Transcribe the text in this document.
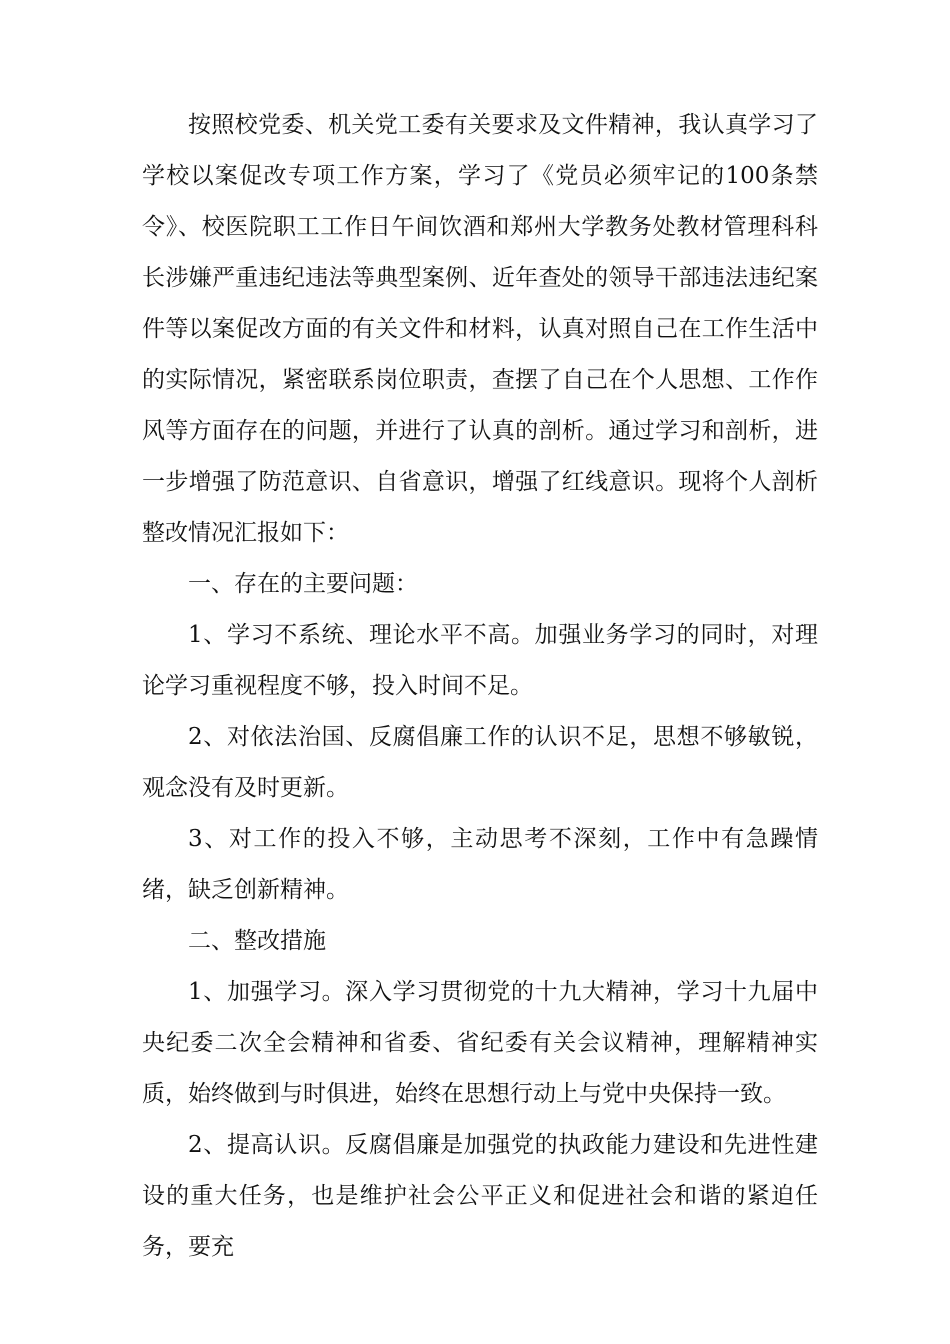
按照校党委、机关党工委有关要求及文件精神，我认真学习了学校以案促改专项工作方案，学习了《党员必须牢记的100条禁令》、校医院职工工作日午间饮酒和郑州大学教务处教材管理科科长涉嫌严重违纪违法等典型案例、近年查处的领导干部违法违纪案件等以案促改方面的有关文件和材料，认真对照自己在工作生活中的实际情况，紧密联系岗位职责，查摆了自己在个人思想、工作作风等方面存在的问题，并进行了认真的剖析。通过学习和剖析，进一步增强了防范意识、自省意识，增强了红线意识。现将个人剖析整改情况汇报如下：

一、存在的主要问题：

1、学习不系统、理论水平不高。加强业务学习的同时，对理论学习重视程度不够，投入时间不足。

2、对依法治国、反腐倡廉工作的认识不足，思想不够敏锐，观念没有及时更新。

3、对工作的投入不够，主动思考不深刻，工作中有急躁情绪，缺乏创新精神。

二、整改措施

1、加强学习。深入学习贯彻党的十九大精神，学习十九届中央纪委二次全会精神和省委、省纪委有关会议精神，理解精神实质，始终做到与时俱进，始终在思想行动上与党中央保持一致。

2、提高认识。反腐倡廉是加强党的执政能力建设和先进性建设的重大任务，也是维护社会公平正义和促进社会和谐的紧迫任务，要充
